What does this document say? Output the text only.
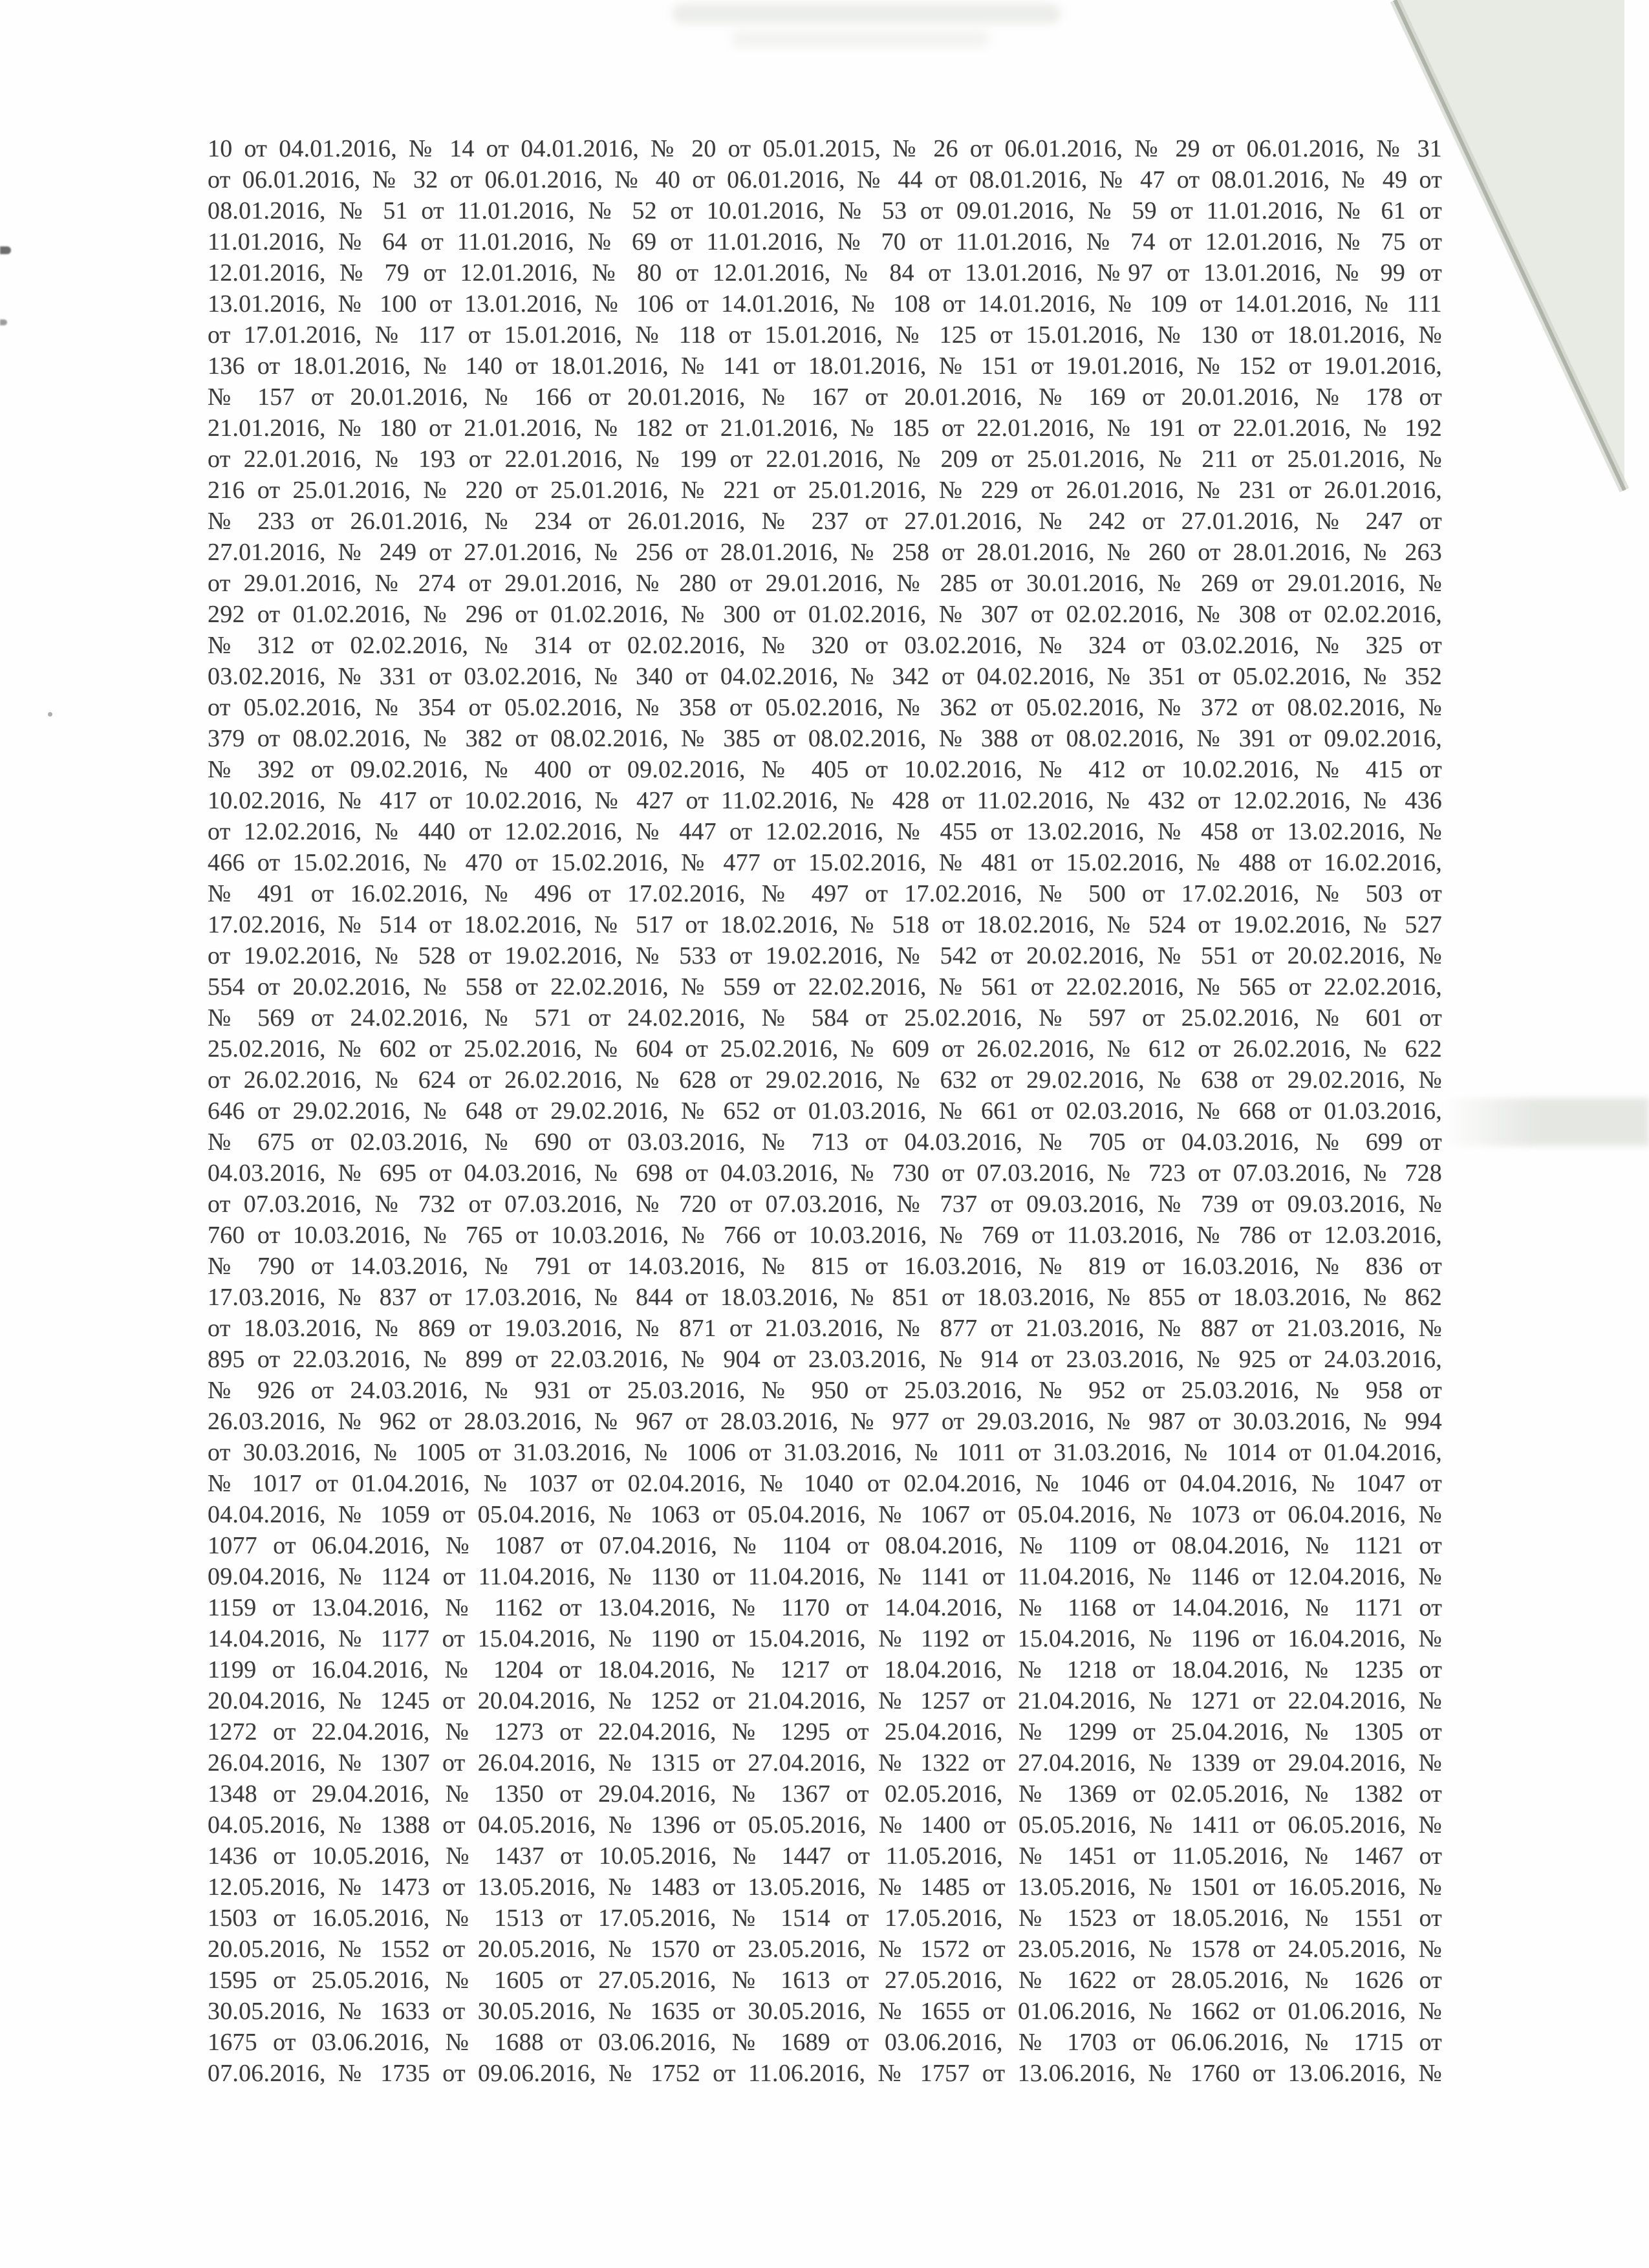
10 от 04.01.2016, № 14 от 04.01.2016, № 20 от 05.01.2015, № 26 от 06.01.2016, № 29 от 06.01.2016, № 31
от 06.01.2016, № 32 от 06.01.2016, № 40 от 06.01.2016, № 44 от 08.01.2016, № 47 от 08.01.2016, № 49 от
08.01.2016, № 51 от 11.01.2016, № 52 от 10.01.2016, № 53 от 09.01.2016, № 59 от 11.01.2016, № 61 от
11.01.2016, № 64 от 11.01.2016, № 69 от 11.01.2016, № 70 от 11.01.2016, № 74 от 12.01.2016, № 75 от
12.01.2016, № 79 от 12.01.2016, № 80 от 12.01.2016, № 84 от 13.01.2016, №97 от 13.01.2016, № 99 от
13.01.2016, № 100 от 13.01.2016, № 106 от 14.01.2016, № 108 от 14.01.2016, № 109 от 14.01.2016, № 111
от 17.01.2016, № 117 от 15.01.2016, № 118 от 15.01.2016, № 125 от 15.01.2016, № 130 от 18.01.2016, №
136 от 18.01.2016, № 140 от 18.01.2016, № 141 от 18.01.2016, № 151 от 19.01.2016, № 152 от 19.01.2016,
№ 157 от 20.01.2016, № 166 от 20.01.2016, № 167 от 20.01.2016, № 169 от 20.01.2016, № 178 от
21.01.2016, № 180 от 21.01.2016, № 182 от 21.01.2016, № 185 от 22.01.2016, № 191 от 22.01.2016, № 192
от 22.01.2016, № 193 от 22.01.2016, № 199 от 22.01.2016, № 209 от 25.01.2016, № 211 от 25.01.2016, №
216 от 25.01.2016, № 220 от 25.01.2016, № 221 от 25.01.2016, № 229 от 26.01.2016, № 231 от 26.01.2016,
№ 233 от 26.01.2016, № 234 от 26.01.2016, № 237 от 27.01.2016, № 242 от 27.01.2016, № 247 от
27.01.2016, № 249 от 27.01.2016, № 256 от 28.01.2016, № 258 от 28.01.2016, № 260 от 28.01.2016, № 263
от 29.01.2016, № 274 от 29.01.2016, № 280 от 29.01.2016, № 285 от 30.01.2016, № 269 от 29.01.2016, №
292 от 01.02.2016, № 296 от 01.02.2016, № 300 от 01.02.2016, № 307 от 02.02.2016, № 308 от 02.02.2016,
№ 312 от 02.02.2016, № 314 от 02.02.2016, № 320 от 03.02.2016, № 324 от 03.02.2016, № 325 от
03.02.2016, № 331 от 03.02.2016, № 340 от 04.02.2016, № 342 от 04.02.2016, № 351 от 05.02.2016, № 352
от 05.02.2016, № 354 от 05.02.2016, № 358 от 05.02.2016, № 362 от 05.02.2016, № 372 от 08.02.2016, №
379 от 08.02.2016, № 382 от 08.02.2016, № 385 от 08.02.2016, № 388 от 08.02.2016, № 391 от 09.02.2016,
№ 392 от 09.02.2016, № 400 от 09.02.2016, № 405 от 10.02.2016, № 412 от 10.02.2016, № 415 от
10.02.2016, № 417 от 10.02.2016, № 427 от 11.02.2016, № 428 от 11.02.2016, № 432 от 12.02.2016, № 436
от 12.02.2016, № 440 от 12.02.2016, № 447 от 12.02.2016, № 455 от 13.02.2016, № 458 от 13.02.2016, №
466 от 15.02.2016, № 470 от 15.02.2016, № 477 от 15.02.2016, № 481 от 15.02.2016, № 488 от 16.02.2016,
№ 491 от 16.02.2016, № 496 от 17.02.2016, № 497 от 17.02.2016, № 500 от 17.02.2016, № 503 от
17.02.2016, № 514 от 18.02.2016, № 517 от 18.02.2016, № 518 от 18.02.2016, № 524 от 19.02.2016, № 527
от 19.02.2016, № 528 от 19.02.2016, № 533 от 19.02.2016, № 542 от 20.02.2016, № 551 от 20.02.2016, №
554 от 20.02.2016, № 558 от 22.02.2016, № 559 от 22.02.2016, № 561 от 22.02.2016, № 565 от 22.02.2016,
№ 569 от 24.02.2016, № 571 от 24.02.2016, № 584 от 25.02.2016, № 597 от 25.02.2016, № 601 от
25.02.2016, № 602 от 25.02.2016, № 604 от 25.02.2016, № 609 от 26.02.2016, № 612 от 26.02.2016, № 622
от 26.02.2016, № 624 от 26.02.2016, № 628 от 29.02.2016, № 632 от 29.02.2016, № 638 от 29.02.2016, №
646 от 29.02.2016, № 648 от 29.02.2016, № 652 от 01.03.2016, № 661 от 02.03.2016, № 668 от 01.03.2016,
№ 675 от 02.03.2016, № 690 от 03.03.2016, № 713 от 04.03.2016, № 705 от 04.03.2016, № 699 от
04.03.2016, № 695 от 04.03.2016, № 698 от 04.03.2016, № 730 от 07.03.2016, № 723 от 07.03.2016, № 728
от 07.03.2016, № 732 от 07.03.2016, № 720 от 07.03.2016, № 737 от 09.03.2016, № 739 от 09.03.2016, №
760 от 10.03.2016, № 765 от 10.03.2016, № 766 от 10.03.2016, № 769 от 11.03.2016, № 786 от 12.03.2016,
№ 790 от 14.03.2016, № 791 от 14.03.2016, № 815 от 16.03.2016, № 819 от 16.03.2016, № 836 от
17.03.2016, № 837 от 17.03.2016, № 844 от 18.03.2016, № 851 от 18.03.2016, № 855 от 18.03.2016, № 862
от 18.03.2016, № 869 от 19.03.2016, № 871 от 21.03.2016, № 877 от 21.03.2016, № 887 от 21.03.2016, №
895 от 22.03.2016, № 899 от 22.03.2016, № 904 от 23.03.2016, № 914 от 23.03.2016, № 925 от 24.03.2016,
№ 926 от 24.03.2016, № 931 от 25.03.2016, № 950 от 25.03.2016, № 952 от 25.03.2016, № 958 от
26.03.2016, № 962 от 28.03.2016, № 967 от 28.03.2016, № 977 от 29.03.2016, № 987 от 30.03.2016, № 994
от 30.03.2016, № 1005 от 31.03.2016, № 1006 от 31.03.2016, № 1011 от 31.03.2016, № 1014 от 01.04.2016,
№ 1017 от 01.04.2016, № 1037 от 02.04.2016, № 1040 от 02.04.2016, № 1046 от 04.04.2016, № 1047 от
04.04.2016, № 1059 от 05.04.2016, № 1063 от 05.04.2016, № 1067 от 05.04.2016, № 1073 от 06.04.2016, №
1077 от 06.04.2016, № 1087 от 07.04.2016, № 1104 от 08.04.2016, № 1109 от 08.04.2016, № 1121 от
09.04.2016, № 1124 от 11.04.2016, № 1130 от 11.04.2016, № 1141 от 11.04.2016, № 1146 от 12.04.2016, №
1159 от 13.04.2016, № 1162 от 13.04.2016, № 1170 от 14.04.2016, № 1168 от 14.04.2016, № 1171 от
14.04.2016, № 1177 от 15.04.2016, № 1190 от 15.04.2016, № 1192 от 15.04.2016, № 1196 от 16.04.2016, №
1199 от 16.04.2016, № 1204 от 18.04.2016, № 1217 от 18.04.2016, № 1218 от 18.04.2016, № 1235 от
20.04.2016, № 1245 от 20.04.2016, № 1252 от 21.04.2016, № 1257 от 21.04.2016, № 1271 от 22.04.2016, №
1272 от 22.04.2016, № 1273 от 22.04.2016, № 1295 от 25.04.2016, № 1299 от 25.04.2016, № 1305 от
26.04.2016, № 1307 от 26.04.2016, № 1315 от 27.04.2016, № 1322 от 27.04.2016, № 1339 от 29.04.2016, №
1348 от 29.04.2016, № 1350 от 29.04.2016, № 1367 от 02.05.2016, № 1369 от 02.05.2016, № 1382 от
04.05.2016, № 1388 от 04.05.2016, № 1396 от 05.05.2016, № 1400 от 05.05.2016, № 1411 от 06.05.2016, №
1436 от 10.05.2016, № 1437 от 10.05.2016, № 1447 от 11.05.2016, № 1451 от 11.05.2016, № 1467 от
12.05.2016, № 1473 от 13.05.2016, № 1483 от 13.05.2016, № 1485 от 13.05.2016, № 1501 от 16.05.2016, №
1503 от 16.05.2016, № 1513 от 17.05.2016, № 1514 от 17.05.2016, № 1523 от 18.05.2016, № 1551 от
20.05.2016, № 1552 от 20.05.2016, № 1570 от 23.05.2016, № 1572 от 23.05.2016, № 1578 от 24.05.2016, №
1595 от 25.05.2016, № 1605 от 27.05.2016, № 1613 от 27.05.2016, № 1622 от 28.05.2016, № 1626 от
30.05.2016, № 1633 от 30.05.2016, № 1635 от 30.05.2016, № 1655 от 01.06.2016, № 1662 от 01.06.2016, №
1675 от 03.06.2016, № 1688 от 03.06.2016, № 1689 от 03.06.2016, № 1703 от 06.06.2016, № 1715 от
07.06.2016, № 1735 от 09.06.2016, № 1752 от 11.06.2016, № 1757 от 13.06.2016, № 1760 от 13.06.2016, №
